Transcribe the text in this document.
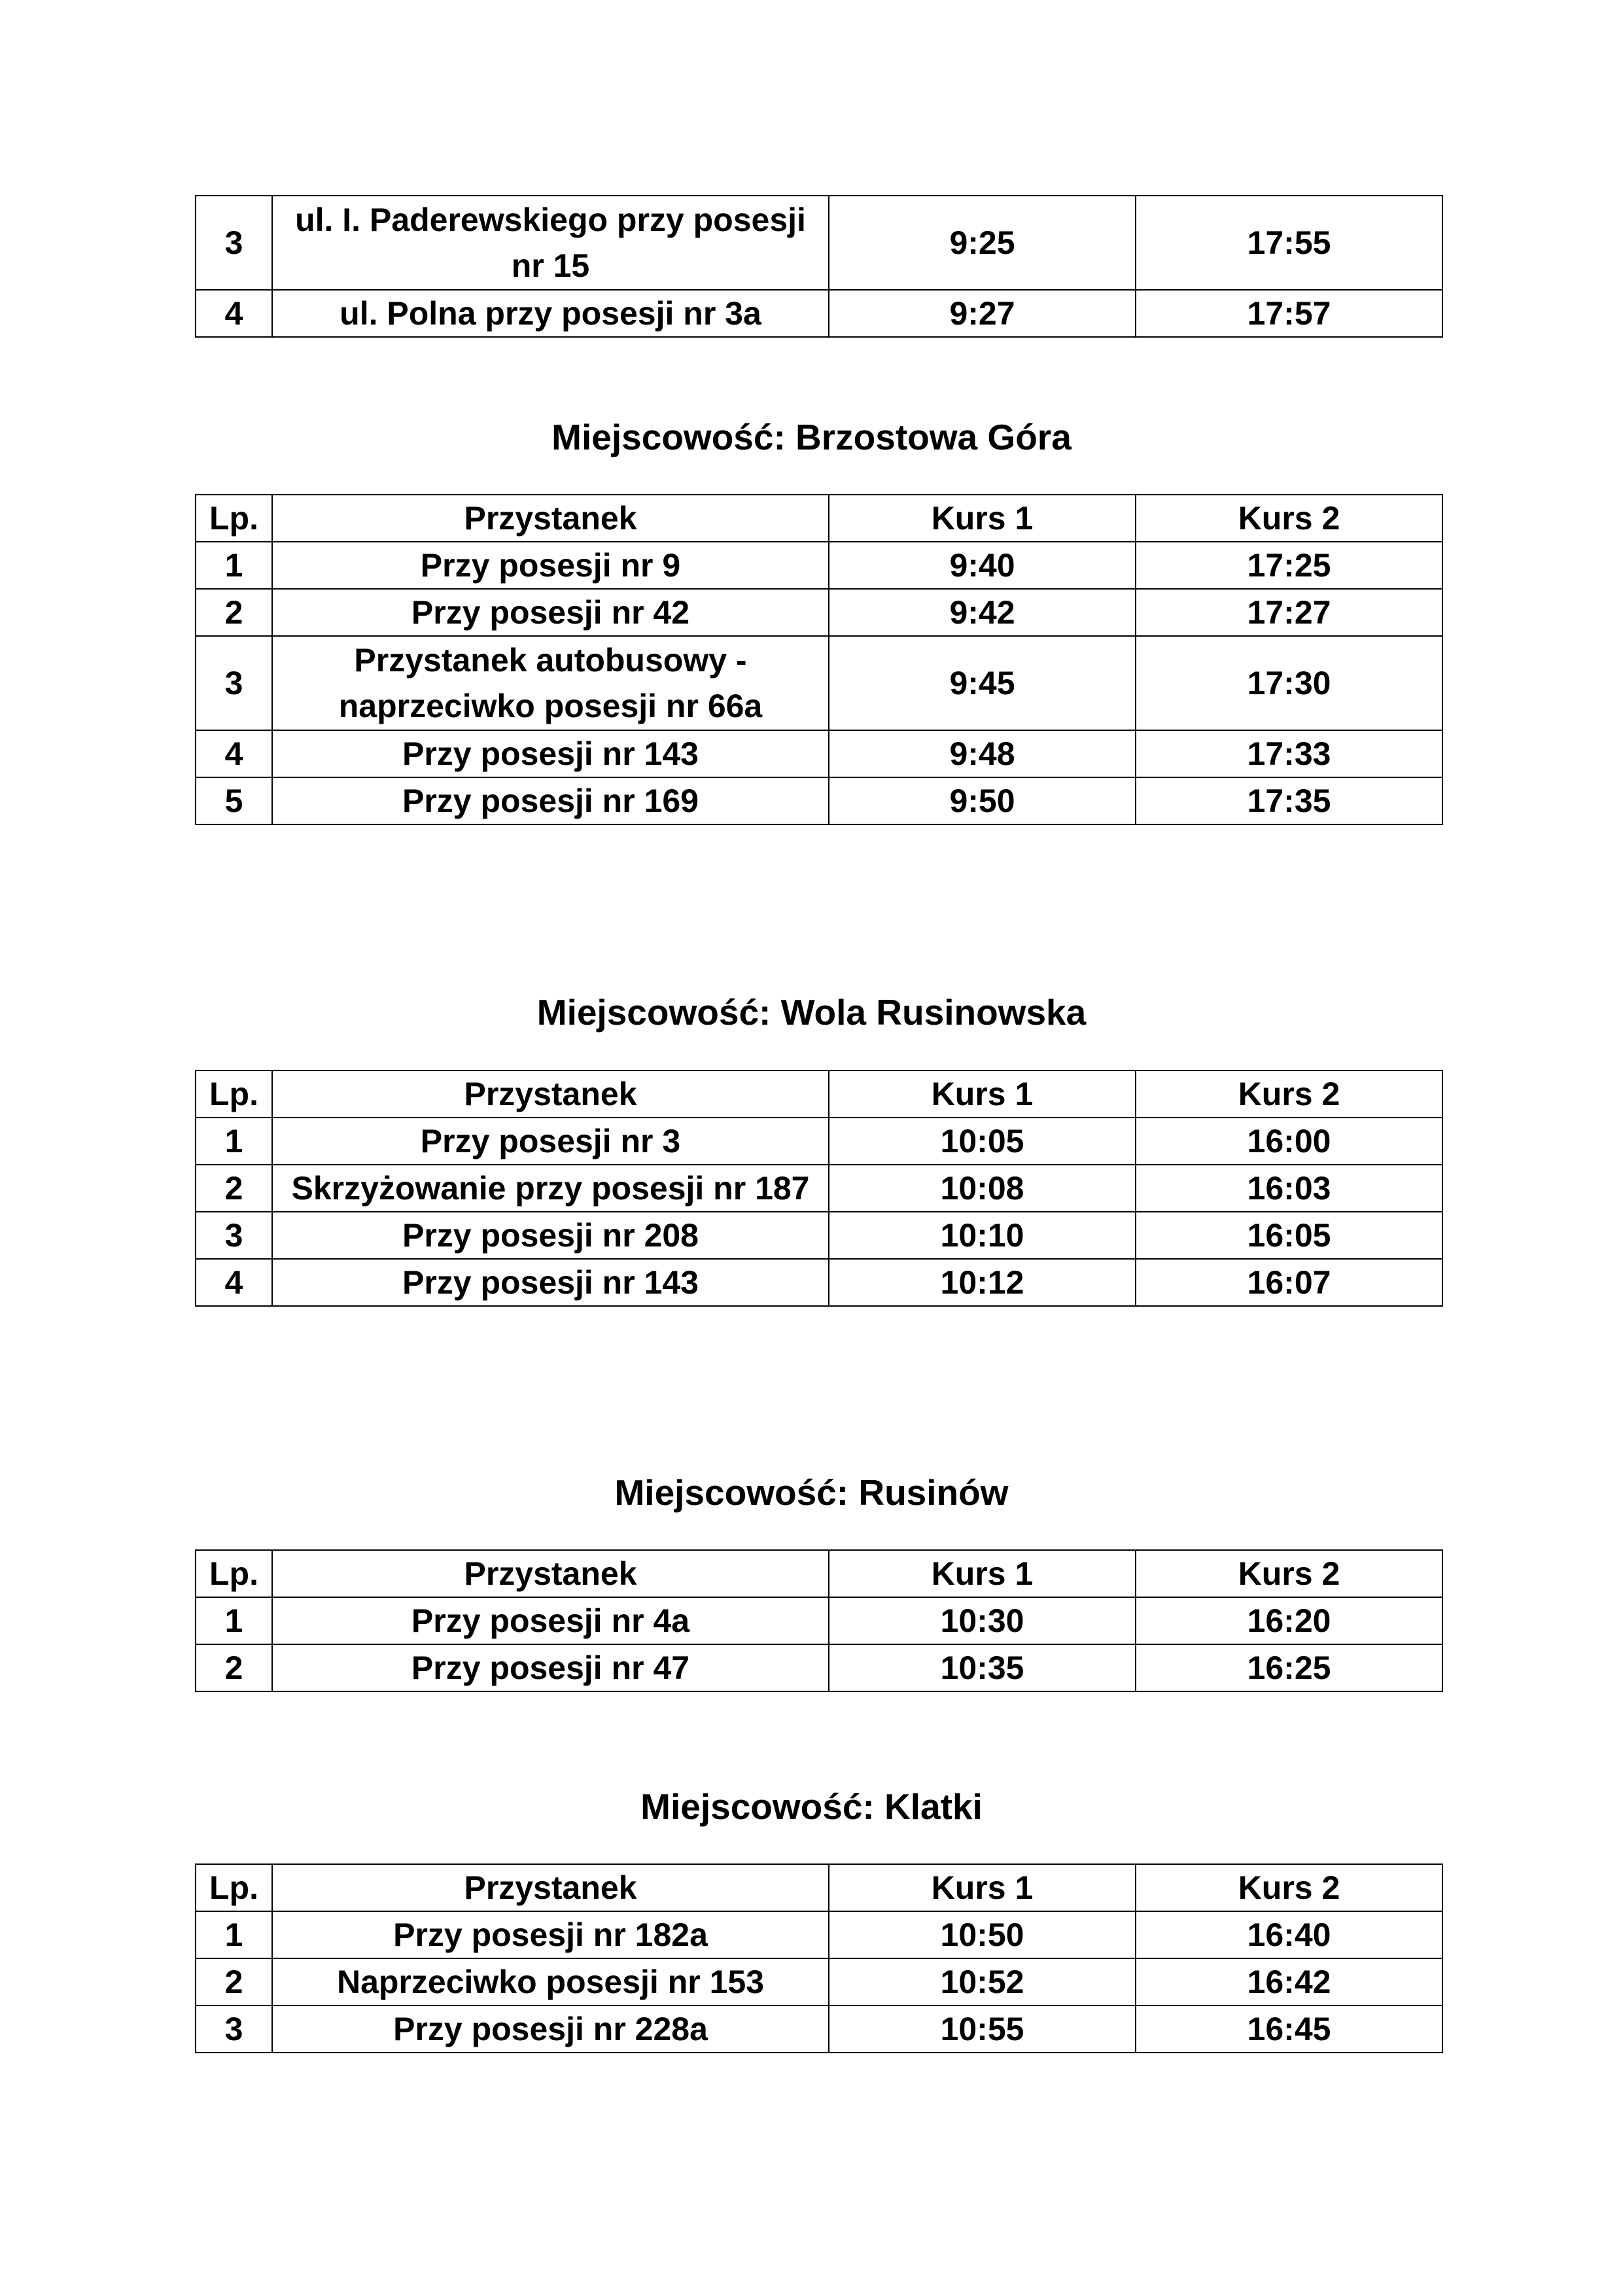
3	ul. I. Paderewskiego przy posesji nr 15	9:25	17:55
4	ul. Polna przy posesji nr 3a	9:27	17:57
Miejscowość: Brzostowa Góra
Lp.	Przystanek	Kurs 1	Kurs 2
1	Przy posesji nr 9	9:40	17:25
2	Przy posesji nr 42	9:42	17:27
3	Przystanek autobusowy - naprzeciwko posesji nr 66a	9:45	17:30
4	Przy posesji nr 143	9:48	17:33
5	Przy posesji nr 169	9:50	17:35
Miejscowość: Wola Rusinowska
Lp.	Przystanek	Kurs 1	Kurs 2
1	Przy posesji nr 3	10:05	16:00
2	Skrzyżowanie przy posesji nr 187	10:08	16:03
3	Przy posesji nr 208	10:10	16:05
4	Przy posesji nr 143	10:12	16:07
Miejscowość: Rusinów
Lp.	Przystanek	Kurs 1	Kurs 2
1	Przy posesji nr 4a	10:30	16:20
2	Przy posesji nr 47	10:35	16:25
Miejscowość: Klatki
Lp.	Przystanek	Kurs 1	Kurs 2
1	Przy posesji nr 182a	10:50	16:40
2	Naprzeciwko posesji nr 153	10:52	16:42
3	Przy posesji nr 228a	10:55	16:45
